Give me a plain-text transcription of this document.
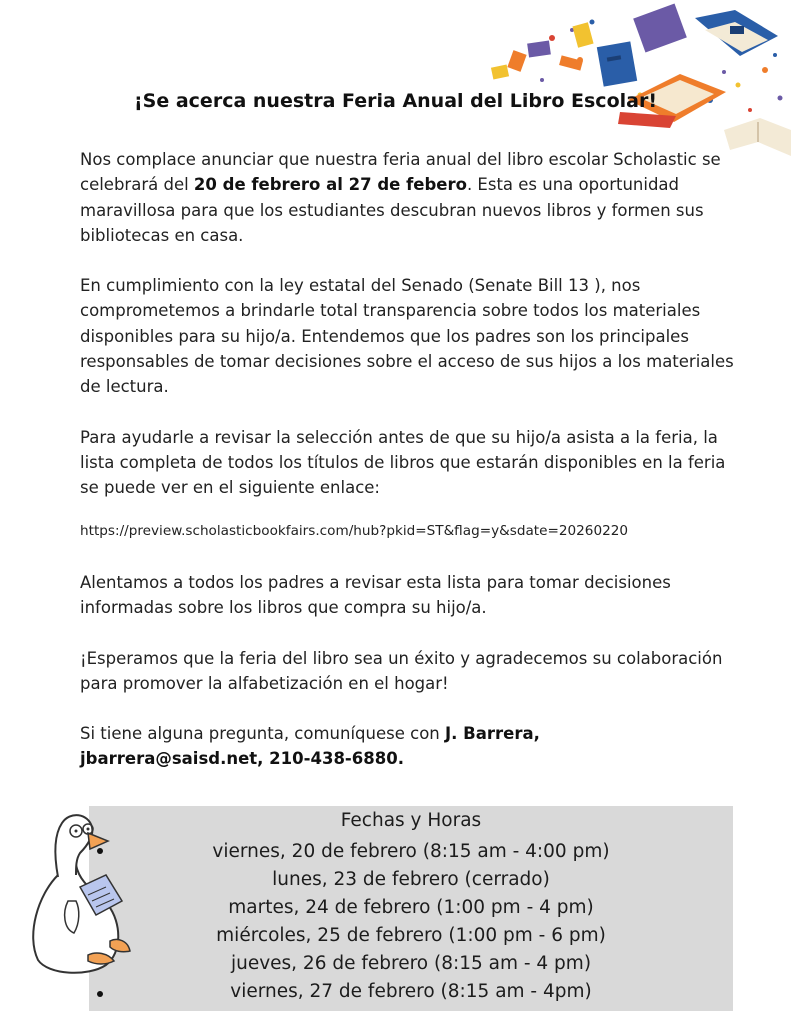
¡Se acerca nuestra Feria Anual del Libro Escolar!

Nos complace anunciar que nuestra feria anual del libro escolar Scholastic se celebrará del 20 de febrero al 27 de febero. Esta es una oportunidad maravillosa para que los estudiantes descubran nuevos libros y formen sus bibliotecas en casa.

En cumplimiento con la ley estatal del Senado (Senate Bill 13 ), nos comprometemos a brindarle total transparencia sobre todos los materiales disponibles para su hijo/a. Entendemos que los padres son los principales responsables de tomar decisiones sobre el acceso de sus hijos a los materiales de lectura.

Para ayudarle a revisar la selección antes de que su hijo/a asista a la feria, la lista completa de todos los títulos de libros que estarán disponibles en la feria se puede ver en el siguiente enlace:

https://preview.scholasticbookfairs.com/hub?pkid=ST&flag=y&sdate=20260220

Alentamos a todos los padres a revisar esta lista para tomar decisiones informadas sobre los libros que compra su hijo/a.

¡Esperamos que la feria del libro sea un éxito y agradecemos su colaboración para promover la alfabetización en el hogar!

Si tiene alguna pregunta, comuníquese con J. Barrera,
jbarrera@saisd.net, 210-438-6880.

Fechas y Horas

viernes, 20 de febrero (8:15 am - 4:00 pm)
lunes, 23 de febrero (cerrado)
martes, 24 de febrero (1:00 pm - 4 pm)
miércoles, 25 de febrero (1:00 pm - 6 pm)
jueves, 26 de febrero (8:15 am - 4 pm)
viernes, 27 de febrero (8:15 am - 4pm)
